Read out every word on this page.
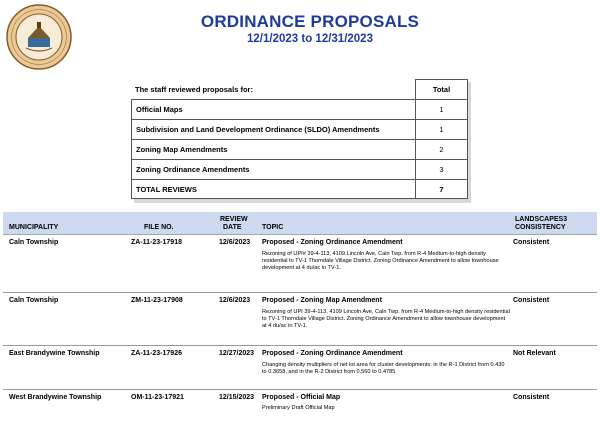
ORDINANCE PROPOSALS
12/1/2023 to 12/31/2023
The staff reviewed proposals for:	Total
Official Maps	1
Subdivision and Land Development Ordinance (SLDO) Amendments	1
Zoning Map Amendments	2
Zoning Ordinance Amendments	3
TOTAL REVIEWS	7
MUNICIPALITY	FILE NO.
REVIEW
DATE	TOPIC
LANDSCAPES3
CONSISTENCY
Caln Township	ZA-11-23-17918	12/6/2023 Proposed - Zoning Ordinance Amendment
Rezoning of UPI# 39-4-113, 4109 Lincoln Ave, Caln Twp. from R-4 Medium-to-high density residential to TV-1 Thorndale Village District. Zoning Ordinance Amendment to allow townhouse development at 4 du/ac in TV-1.
Consistent
Caln Township	ZM-11-23-17908	12/6/2023 Proposed - Zoning Map Amendment
Rezoning of UPI 39-4-113, 4109 Lincoln Ave, Caln Twp. from R-4 Medium-to-high density residential to TV-1 Thorndale Village District. Zoning Ordinance Amendment to allow townhouse development at 4 du/ac in TV-1.
Consistent
East Brandywine Township	ZA-11-23-17926	12/27/2023 Proposed - Zoning Ordinance Amendment
Changing density multipliers of net lot area for cluster developments: in the R-1 District from 0.430 to 0.3658, and in the R-2 District from 0.560 to 0.4785
Not Relevant
West Brandywine Township	OM-11-23-17921	12/15/2023 Proposed - Official Map
Preliminary Draft Official Map
Consistent
